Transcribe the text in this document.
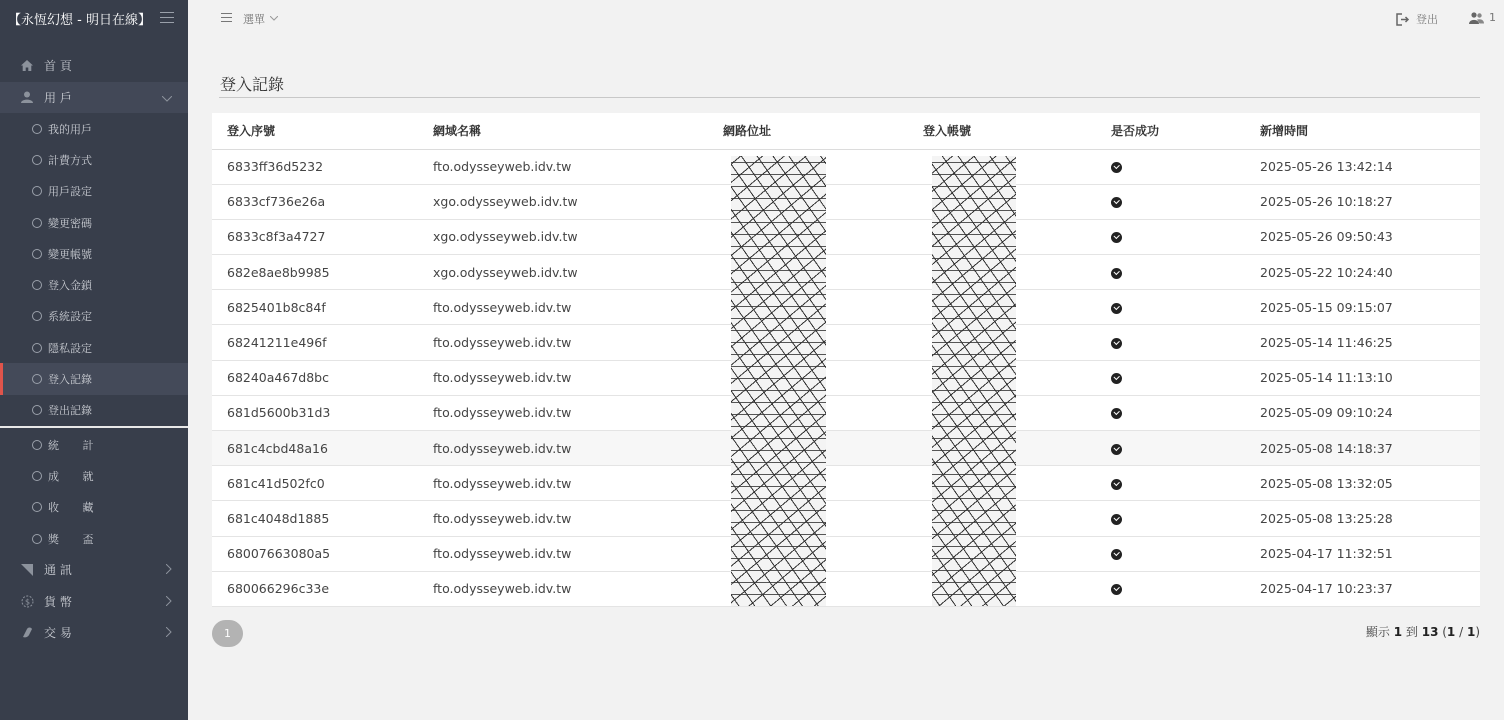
【永恆幻想 - 明日在線】
首 頁
用 戶
我的用戶
計費方式
用戶設定
變更密碼
變更帳號
登入金鎖
系統設定
隱私設定
登入記錄
登出記錄
統 計
成 就
收 藏
獎 盃
通 訊
$ 貨 幣
交 易
選單	登出	1
登入記錄
登入序號	網域名稱	網路位址	登入帳號	是否成功	新增時間
6833ff36d5232	fto.odysseyweb.idv.tw				2025-05-26 13:42:14
6833cf736e26a	xgo.odysseyweb.idv.tw				2025-05-26 10:18:27
6833c8f3a4727	xgo.odysseyweb.idv.tw				2025-05-26 09:50:43
682e8ae8b9985	xgo.odysseyweb.idv.tw				2025-05-22 10:24:40
6825401b8c84f	fto.odysseyweb.idv.tw				2025-05-15 09:15:07
68241211e496f	fto.odysseyweb.idv.tw				2025-05-14 11:46:25
68240a467d8bc	fto.odysseyweb.idv.tw				2025-05-14 11:13:10
681d5600b31d3	fto.odysseyweb.idv.tw				2025-05-09 09:10:24
681c4cbd48a16	fto.odysseyweb.idv.tw				2025-05-08 14:18:37
681c41d502fc0	fto.odysseyweb.idv.tw				2025-05-08 13:32:05
681c4048d1885	fto.odysseyweb.idv.tw				2025-05-08 13:25:28
68007663080a5	fto.odysseyweb.idv.tw				2025-04-17 11:32:51
680066296c33e	fto.odysseyweb.idv.tw				2025-04-17 10:23:37
1	顯示 1 到 13 (1 / 1)
